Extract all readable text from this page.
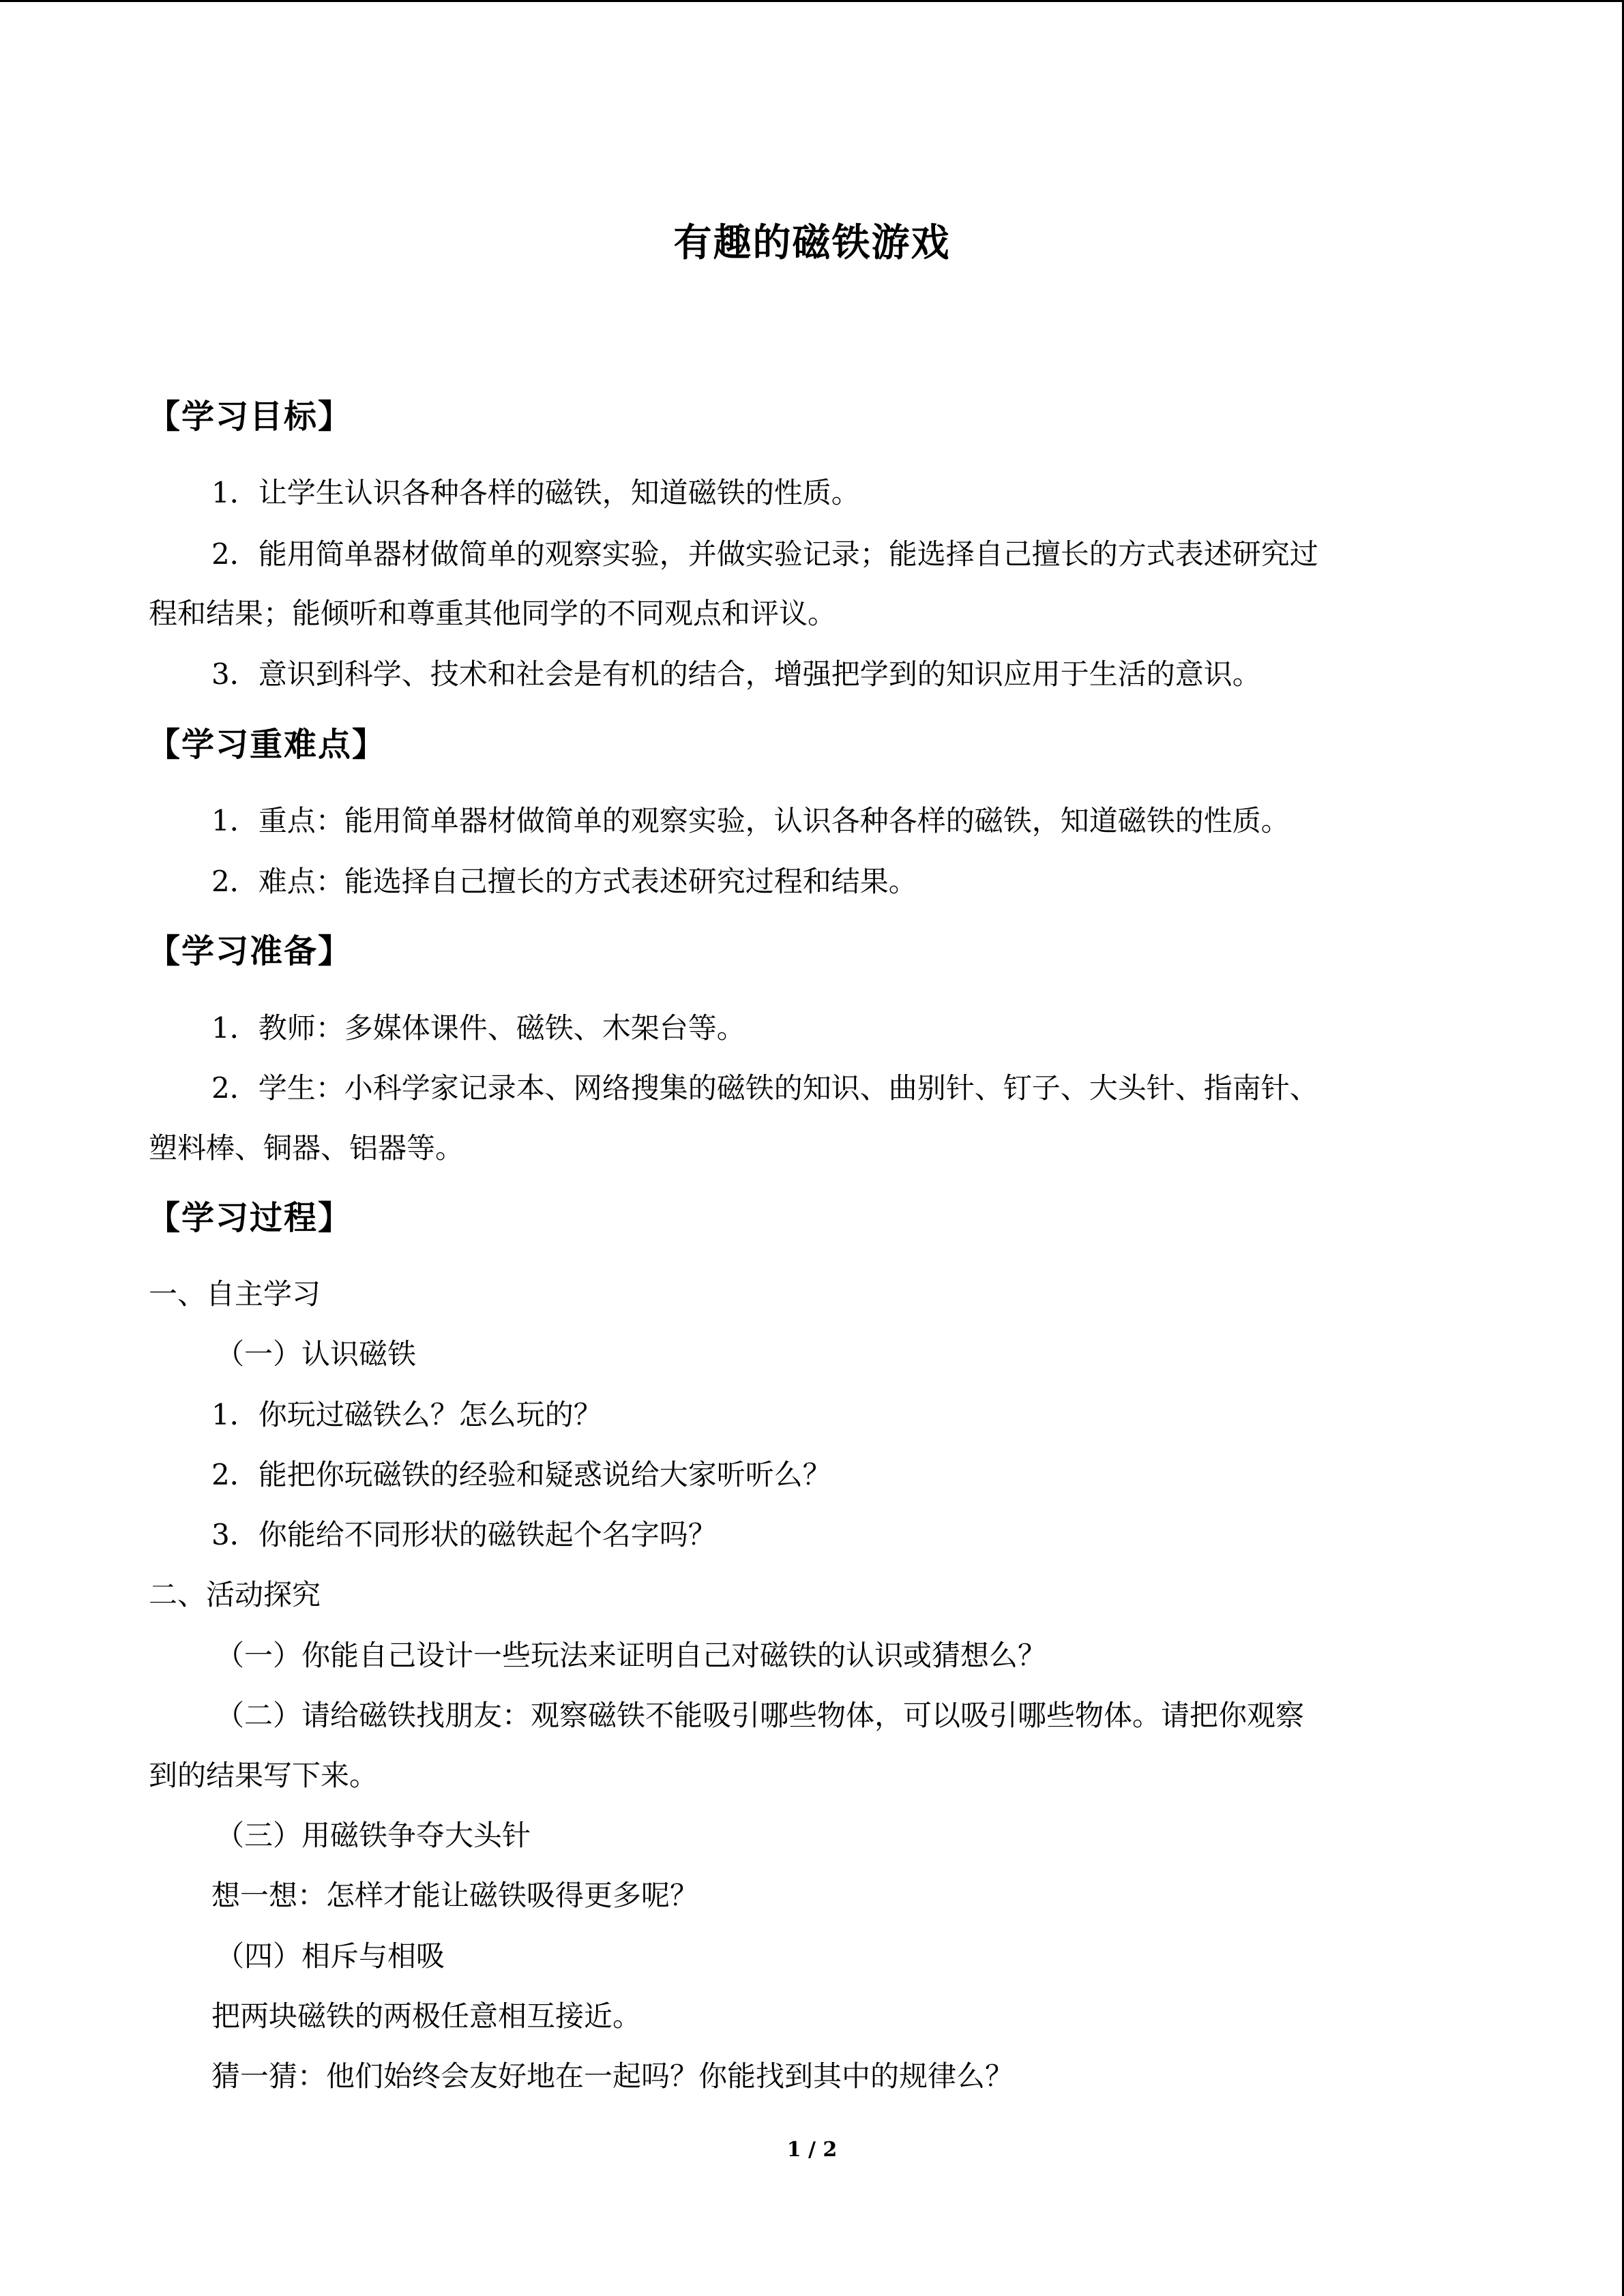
有趣的磁铁游戏
【学习目标】
1．让学生认识各种各样的磁铁，知道磁铁的性质。
2．能用简单器材做简单的观察实验，并做实验记录；能选择自己擅长的方式表述研究过
程和结果；能倾听和尊重其他同学的不同观点和评议。
3．意识到科学、技术和社会是有机的结合，增强把学到的知识应用于生活的意识。
【学习重难点】
1．重点：能用简单器材做简单的观察实验，认识各种各样的磁铁，知道磁铁的性质。
2．难点：能选择自己擅长的方式表述研究过程和结果。
【学习准备】
1．教师：多媒体课件、磁铁、木架台等。
2．学生：小科学家记录本、网络搜集的磁铁的知识、曲别针、钉子、大头针、指南针、
塑料棒、铜器、铝器等。
【学习过程】
一、自主学习
（一）认识磁铁
1．你玩过磁铁么？怎么玩的？
2．能把你玩磁铁的经验和疑惑说给大家听听么？
3．你能给不同形状的磁铁起个名字吗？
二、活动探究
（一）你能自己设计一些玩法来证明自己对磁铁的认识或猜想么？
（二）请给磁铁找朋友：观察磁铁不能吸引哪些物体，可以吸引哪些物体。请把你观察
到的结果写下来。
（三）用磁铁争夺大头针
想一想：怎样才能让磁铁吸得更多呢？
（四）相斥与相吸
把两块磁铁的两极任意相互接近。
猜一猜：他们始终会友好地在一起吗？你能找到其中的规律么？
1 / 2
